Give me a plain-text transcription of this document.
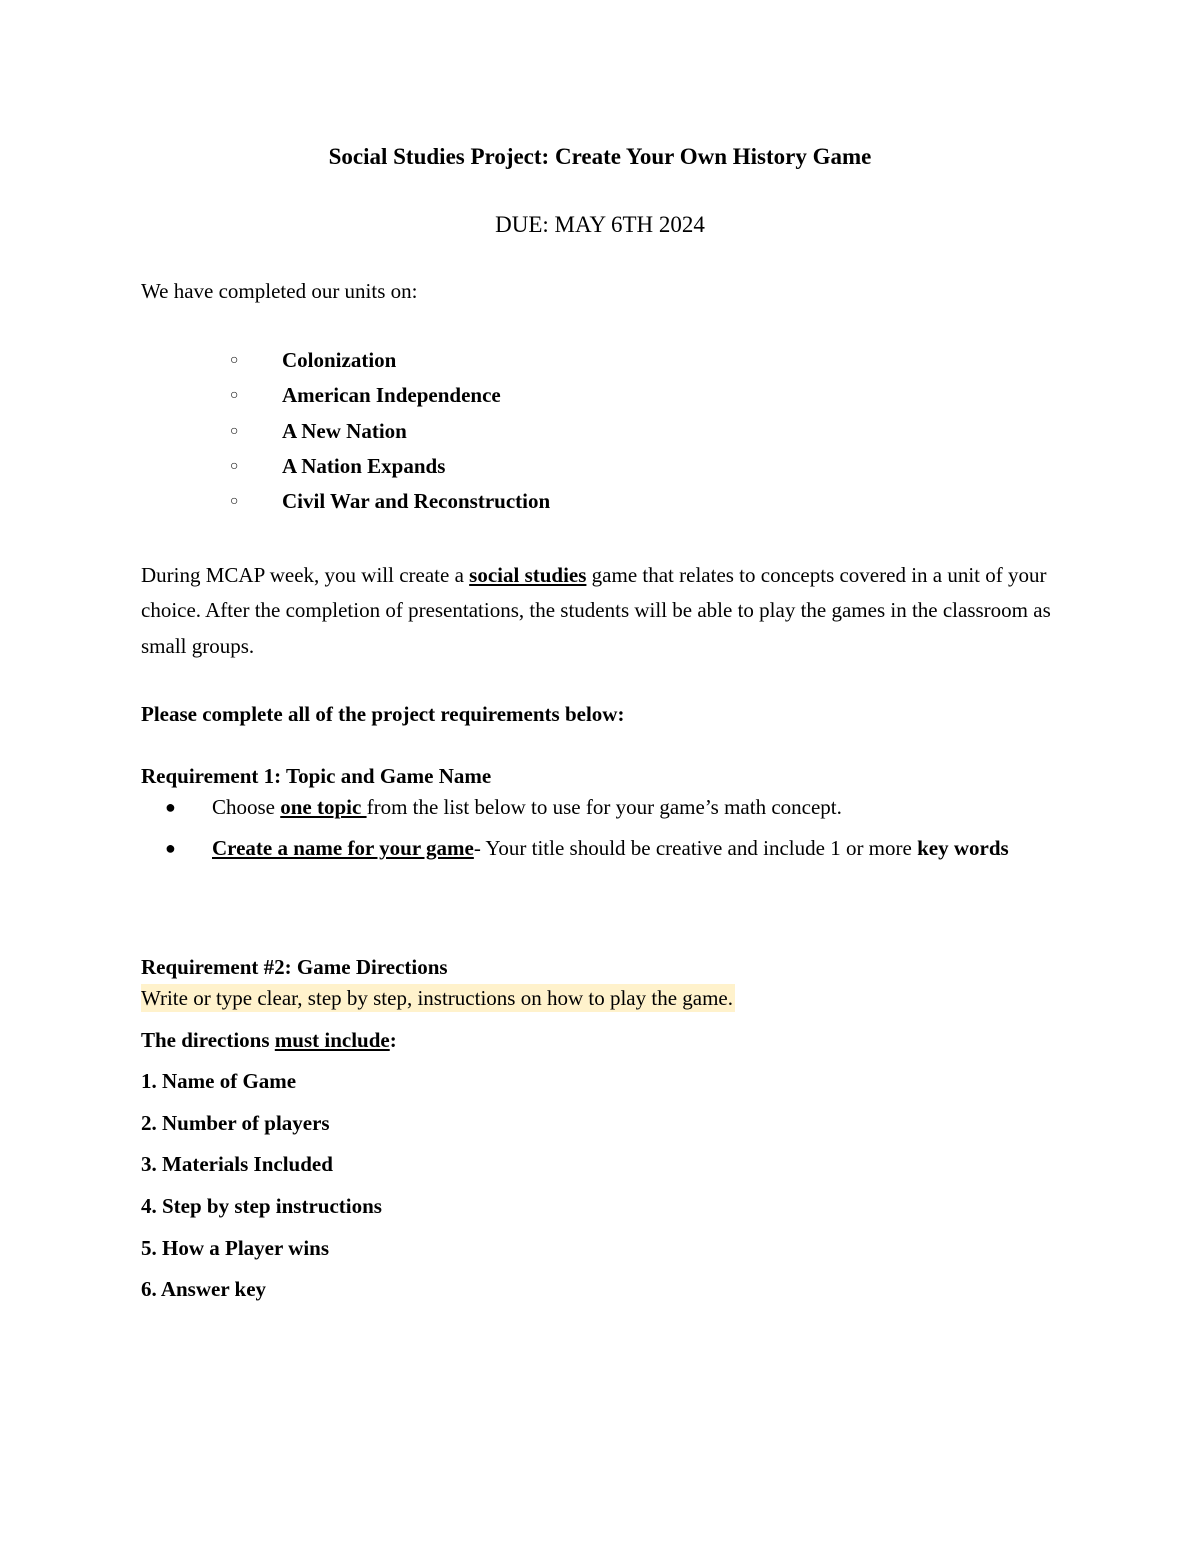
Social Studies Project: Create Your Own History Game
DUE: MAY 6TH 2024
We have completed our units on:
○ Colonization
○ American Independence
○ A New Nation
○ A Nation Expands
○ Civil War and Reconstruction

During MCAP week, you will create a social studies game that relates to concepts covered in a unit of your choice. After the completion of presentations, the students will be able to play the games in the classroom as small groups.

Please complete all of the project requirements below:
Requirement 1: Topic and Game Name
● Choose one topic from the list below to use for your game’s math concept.
● Create a name for your game- Your title should be creative and include 1 or more key words
Requirement #2: Game Directions
Write or type clear, step by step, instructions on how to play the game.
The directions must include:
1. Name of Game
2. Number of players
3. Materials Included
4. Step by step instructions
5. How a Player wins
6. Answer key
